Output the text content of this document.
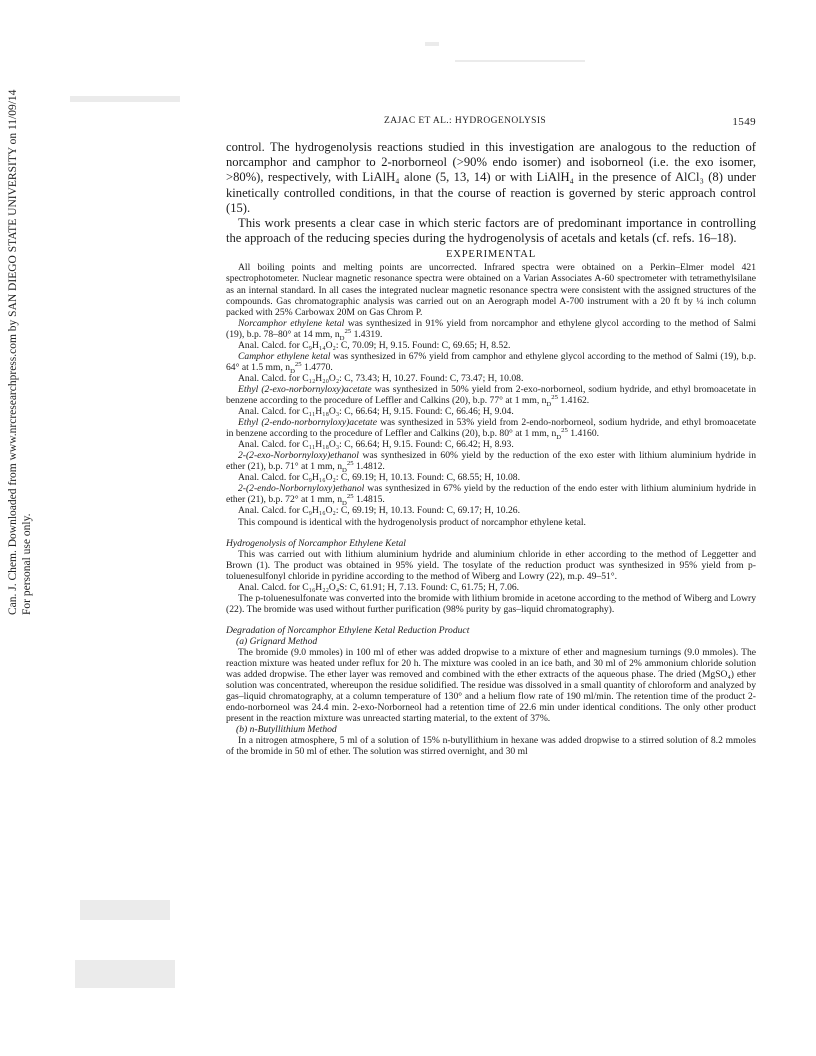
Can. J. Chem. Downloaded from www.nrcresearchpress.com by SAN DIEGO STATE UNIVERSITY on 11/09/14 For personal use only.
ZAJAC ET AL.: HYDROGENOLYSIS	1549

control. The hydrogenolysis reactions studied in this investigation are analogous to the reduction of norcamphor and camphor to 2-norborneol (>90% endo isomer) and isoborneol (i.e. the exo isomer, >80%), respectively, with LiAlH₄ alone (5, 13, 14) or with LiAlH₄ in the presence of AlCl₃ (8) under kinetically controlled conditions, in that the course of reaction is governed by steric approach control (15).

This work presents a clear case in which steric factors are of predominant importance in controlling the approach of the reducing species during the hydrogenolysis of acetals and ketals (cf. refs. 16–18).

EXPERIMENTAL

All boiling points and melting points are uncorrected. Infrared spectra were obtained on a Perkin–Elmer model 421 spectrophotometer. Nuclear magnetic resonance spectra were obtained on a Varian Associates A-60 spectrometer with tetramethylsilane as an internal standard. In all cases the integrated nuclear magnetic resonance spectra were consistent with the assigned structures of the compounds. Gas chromatographic analysis was carried out on an Aerograph model A-700 instrument with a 20 ft by ¼ inch column packed with 25% Carbowax 20M on Gas Chrom P.

Norcamphor ethylene ketal was synthesized in 91% yield from norcamphor and ethylene glycol according to the method of Salmi (19), b.p. 78–80° at 14 mm, $n_D^{25}$ 1.4319.

Anal. Calcd. for C₉H₁₄O₂: C, 70.09; H, 9.15. Found: C, 69.65; H, 8.52.

Camphor ethylene ketal was synthesized in 67% yield from camphor and ethylene glycol according to the method of Salmi (19), b.p. 64° at 1.5 mm, $n_D^{25}$ 1.4770.

Anal. Calcd. for C₁₂H₂₀O₂: C, 73.43; H, 10.27. Found: C, 73.47; H, 10.08.

Ethyl (2-exo-norbornyloxy)acetate was synthesized in 50% yield from 2-exo-norborneol, sodium hydride, and ethyl bromoacetate in benzene according to the procedure of Leffler and Calkins (20), b.p. 77° at 1 mm, $n_D^{25}$ 1.4162.

Anal. Calcd. for C₁₁H₁₈O₃: C, 66.64; H, 9.15. Found: C, 66.46; H, 9.04.

Ethyl (2-endo-norbornyloxy)acetate was synthesized in 53% yield from 2-endo-norborneol, sodium hydride, and ethyl bromoacetate in benzene according to the procedure of Leffler and Calkins (20), b.p. 80° at 1 mm, $n_D^{25}$ 1.4160.

Anal. Calcd. for C₁₁H₁₈O₃: C, 66.64; H, 9.15. Found: C, 66.42; H, 8.93.

2-(2-exo-Norbornyloxy)ethanol was synthesized in 60% yield by the reduction of the exo ester with lithium aluminium hydride in ether (21), b.p. 71° at 1 mm, $n_D^{25}$ 1.4812.

Anal. Calcd. for C₉H₁₆O₂: C, 69.19; H, 10.13. Found: C, 68.55; H, 10.08.

2-(2-endo-Norbornyloxy)ethanol was synthesized in 67% yield by the reduction of the endo ester with lithium aluminium hydride in ether (21), b.p. 72° at 1 mm, $n_D^{25}$ 1.4815.

Anal. Calcd. for C₉H₁₆O₂: C, 69.19; H, 10.13. Found: C, 69.17; H, 10.26.

This compound is identical with the hydrogenolysis product of norcamphor ethylene ketal.

Hydrogenolysis of Norcamphor Ethylene Ketal

This was carried out with lithium aluminium hydride and aluminium chloride in ether according to the method of Leggetter and Brown (1). The product was obtained in 95% yield. The tosylate of the reduction product was synthesized in 95% yield from p-toluenesulfonyl chloride in pyridine according to the method of Wiberg and Lowry (22), m.p. 49–51°.

Anal. Calcd. for C₁₆H₂₂O₄S: C, 61.91; H, 7.13. Found: C, 61.75; H, 7.06.

The p-toluenesulfonate was converted into the bromide with lithium bromide in acetone according to the method of Wiberg and Lowry (22). The bromide was used without further purification (98% purity by gas–liquid chromatography).

Degradation of Norcamphor Ethylene Ketal Reduction Product
(a) Grignard Method

The bromide (9.0 mmoles) in 100 ml of ether was added dropwise to a mixture of ether and magnesium turnings (9.0 mmoles). The reaction mixture was heated under reflux for 20 h. The mixture was cooled in an ice bath, and 30 ml of 2% ammonium chloride solution was added dropwise. The ether layer was removed and combined with the ether extracts of the aqueous phase. The dried (MgSO₄) ether solution was concentrated, whereupon the residue solidified. The residue was dissolved in a small quantity of chloroform and analyzed by gas–liquid chromatography, at a column temperature of 130° and a helium flow rate of 190 ml/min. The retention time of the product 2-endo-norborneol was 24.4 min. 2-exo-Norborneol had a retention time of 22.6 min under identical conditions. The only other product present in the reaction mixture was unreacted starting material, to the extent of 37%.

(b) n-Butyllithium Method

In a nitrogen atmosphere, 5 ml of a solution of 15% n-butyllithium in hexane was added dropwise to a stirred solution of 8.2 mmoles of the bromide in 50 ml of ether. The solution was stirred overnight, and 30 ml
